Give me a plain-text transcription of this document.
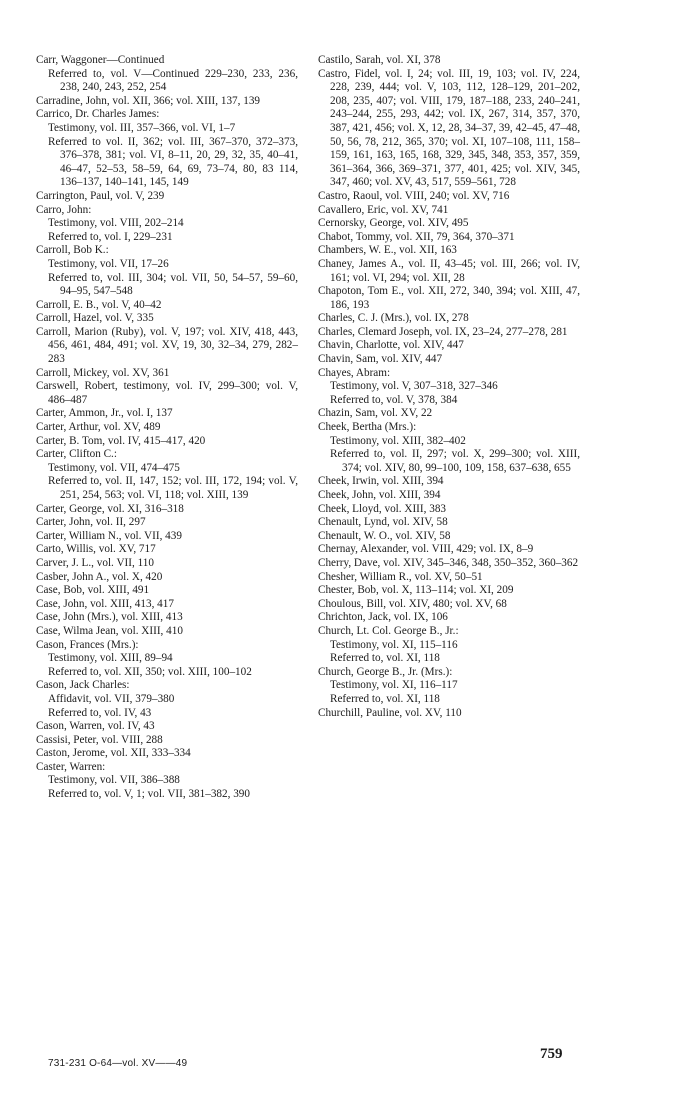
Carr, Waggoner—Continued
Referred to, vol. V—Continued 229–230, 233, 236, 238, 240, 243, 252, 254
Carradine, John, vol. XII, 366; vol. XIII, 137, 139
Carrico, Dr. Charles James:
Testimony, vol. III, 357–366, vol. VI, 1–7
Referred to vol. II, 362; vol. III, 367–370, 372–373, 376–378, 381; vol. VI, 8–11, 20, 29, 32, 35, 40–41, 46–47, 52–53, 58–59, 64, 69, 73–74, 80, 83 114, 136–137, 140–141, 145, 149
Carrington, Paul, vol. V, 239
Carro, John:
Testimony, vol. VIII, 202–214
Referred to, vol. I, 229–231
Carroll, Bob K.:
Testimony, vol. VII, 17–26
Referred to, vol. III, 304; vol. VII, 50, 54–57, 59–60, 94–95, 547–548
Carroll, E. B., vol. V, 40–42
Carroll, Hazel, vol. V, 335
Carroll, Marion (Ruby), vol. V, 197; vol. XIV, 418, 443, 456, 461, 484, 491; vol. XV, 19, 30, 32–34, 279, 282–283
Carroll, Mickey, vol. XV, 361
Carswell, Robert, testimony, vol. IV, 299–300; vol. V, 486–487
Carter, Ammon, Jr., vol. I, 137
Carter, Arthur, vol. XV, 489
Carter, B. Tom, vol. IV, 415–417, 420
Carter, Clifton C.:
Testimony, vol. VII, 474–475
Referred to, vol. II, 147, 152; vol. III, 172, 194; vol. V, 251, 254, 563; vol. VI, 118; vol. XIII, 139
Carter, George, vol. XI, 316–318
Carter, John, vol. II, 297
Carter, William N., vol. VII, 439
Carto, Willis, vol. XV, 717
Carver, J. L., vol. VII, 110
Casber, John A., vol. X, 420
Case, Bob, vol. XIII, 491
Case, John, vol. XIII, 413, 417
Case, John (Mrs.), vol. XIII, 413
Case, Wilma Jean, vol. XIII, 410
Cason, Frances (Mrs.):
Testimony, vol. XIII, 89–94
Referred to, vol. XII, 350; vol. XIII, 100–102
Cason, Jack Charles:
Affidavit, vol. VII, 379–380
Referred to, vol. IV, 43
Cason, Warren, vol. IV, 43
Cassisi, Peter, vol. VIII, 288
Caston, Jerome, vol. XII, 333–334
Caster, Warren:
Testimony, vol. VII, 386–388
Referred to, vol. V, 1; vol. VII, 381–382, 390
Castilo, Sarah, vol. XI, 378
Castro, Fidel, vol. I, 24; vol. III, 19, 103; vol. IV, 224, 228, 239, 444; vol. V, 103, 112, 128–129, 201–202, 208, 235, 407; vol. VIII, 179, 187–188, 233, 240–241, 243–244, 255, 293, 442; vol. IX, 267, 314, 357, 370, 387, 421, 456; vol. X, 12, 28, 34–37, 39, 42–45, 47–48, 50, 56, 78, 212, 365, 370; vol. XI, 107–108, 111, 158–159, 161, 163, 165, 168, 329, 345, 348, 353, 357, 359, 361–364, 366, 369–371, 377, 401, 425; vol. XIV, 345, 347, 460; vol. XV, 43, 517, 559–561, 728
Castro, Raoul, vol. VIII, 240; vol. XV, 716
Cavallero, Eric, vol. XV, 741
Cernorsky, George, vol. XIV, 495
Chabot, Tommy, vol. XII, 79, 364, 370–371
Chambers, W. E., vol. XII, 163
Chaney, James A., vol. II, 43–45; vol. III, 266; vol. IV, 161; vol. VI, 294; vol. XII, 28
Chapoton, Tom E., vol. XII, 272, 340, 394; vol. XIII, 47, 186, 193
Charles, C. J. (Mrs.), vol. IX, 278
Charles, Clemard Joseph, vol. IX, 23–24, 277–278, 281
Chavin, Charlotte, vol. XIV, 447
Chavin, Sam, vol. XIV, 447
Chayes, Abram:
Testimony, vol. V, 307–318, 327–346
Referred to, vol. V, 378, 384
Chazin, Sam, vol. XV, 22
Cheek, Bertha (Mrs.):
Testimony, vol. XIII, 382–402
Referred to, vol. II, 297; vol. X, 299–300; vol. XIII, 374; vol. XIV, 80, 99–100, 109, 158, 637–638, 655
Cheek, Irwin, vol. XIII, 394
Cheek, John, vol. XIII, 394
Cheek, Lloyd, vol. XIII, 383
Chenault, Lynd, vol. XIV, 58
Chenault, W. O., vol. XIV, 58
Chernay, Alexander, vol. VIII, 429; vol. IX, 8–9
Cherry, Dave, vol. XIV, 345–346, 348, 350–352, 360–362
Chesher, William R., vol. XV, 50–51
Chester, Bob, vol. X, 113–114; vol. XI, 209
Choulous, Bill, vol. XIV, 480; vol. XV, 68
Chrichton, Jack, vol. IX, 106
Church, Lt. Col. George B., Jr.:
Testimony, vol. XI, 115–116
Referred to, vol. XI, 118
Church, George B., Jr. (Mrs.):
Testimony, vol. XI, 116–117
Referred to, vol. XI, 118
Churchill, Pauline, vol. XV, 110
731-231 O-64—vol. XV——49
759
